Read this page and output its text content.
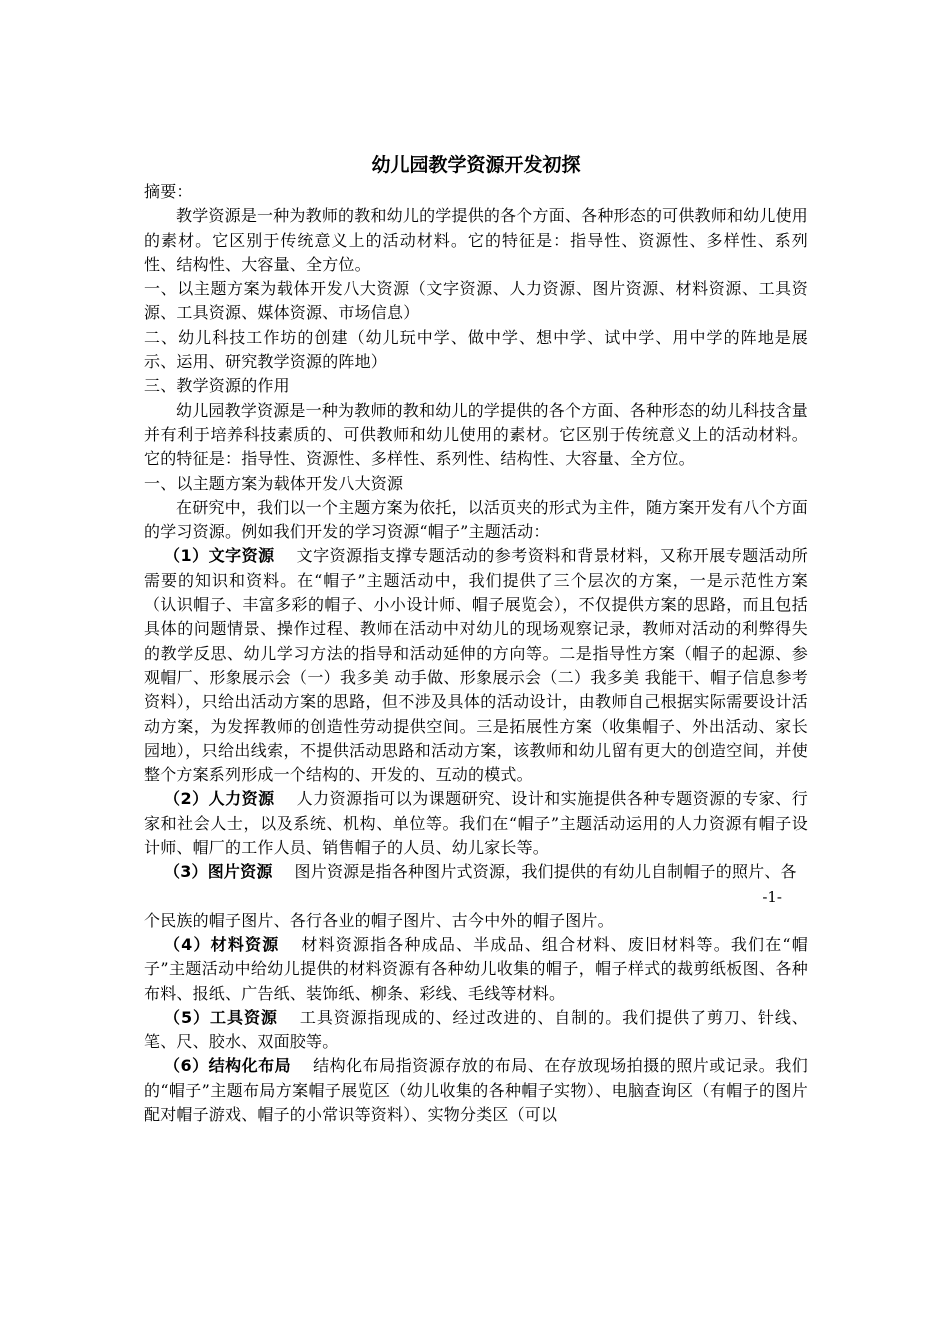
幼儿园教学资源开发初探

摘要：

教学资源是一种为教师的教和幼儿的学提供的各个方面、各种形态的可供教师和幼儿使用的素材。它区别于传统意义上的活动材料。它的特征是：指导性、资源性、多样性、系列性、结构性、大容量、全方位。

一、以主题方案为载体开发八大资源（文字资源、人力资源、图片资源、材料资源、工具资源、工具资源、媒体资源、市场信息）

二、幼儿科技工作坊的创建（幼儿玩中学、做中学、想中学、试中学、用中学的阵地是展示、运用、研究教学资源的阵地）

三、教学资源的作用

幼儿园教学资源是一种为教师的教和幼儿的学提供的各个方面、各种形态的幼儿科技含量并有利于培养科技素质的、可供教师和幼儿使用的素材。它区别于传统意义上的活动材料。它的特征是：指导性、资源性、多样性、系列性、结构性、大容量、全方位。

一、以主题方案为载体开发八大资源

在研究中，我们以一个主题方案为依托，以活页夹的形式为主件，随方案开发有八个方面的学习资源。例如我们开发的学习资源“帽子”主题活动：

（1）文字资源 文字资源指支撑专题活动的参考资料和背景材料，又称开展专题活动所需要的知识和资料。在“帽子”主题活动中，我们提供了三个层次的方案，一是示范性方案（认识帽子、丰富多彩的帽子、小小设计师、帽子展览会），不仅提供方案的思路，而且包括具体的问题情景、操作过程、教师在活动中对幼儿的现场观察记录，教师对活动的利弊得失的教学反思、幼儿学习方法的指导和活动延伸的方向等。二是指导性方案（帽子的起源、参观帽厂、形象展示会（一）我多美 动手做、形象展示会（二）我多美 我能干、帽子信息参考资料），只给出活动方案的思路，但不涉及具体的活动设计，由教师自己根据实际需要设计活动方案，为发挥教师的创造性劳动提供空间。三是拓展性方案（收集帽子、外出活动、家长园地），只给出线索，不提供活动思路和活动方案，该教师和幼儿留有更大的创造空间，并使整个方案系列形成一个结构的、开发的、互动的模式。

（2）人力资源 人力资源指可以为课题研究、设计和实施提供各种专题资源的专家、行家和社会人士，以及系统、机构、单位等。我们在“帽子”主题活动运用的人力资源有帽子设计师、帽厂的工作人员、销售帽子的人员、幼儿家长等。

（3）图片资源 图片资源是指各种图片式资源，我们提供的有幼儿自制帽子的照片、各

-1-

个民族的帽子图片、各行各业的帽子图片、古今中外的帽子图片。

（4）材料资源 材料资源指各种成品、半成品、组合材料、废旧材料等。我们在“帽子”主题活动中给幼儿提供的材料资源有各种幼儿收集的帽子，帽子样式的裁剪纸板图、各种布料、报纸、广告纸、装饰纸、柳条、彩线、毛线等材料。

（5）工具资源 工具资源指现成的、经过改进的、自制的。我们提供了剪刀、针线、笔、尺、胶水、双面胶等。

（6）结构化布局 结构化布局指资源存放的布局、在存放现场拍摄的照片或记录。我们的“帽子”主题布局方案帽子展览区（幼儿收集的各种帽子实物）、电脑查询区（有帽子的图片配对帽子游戏、帽子的小常识等资料）、实物分类区（可以
